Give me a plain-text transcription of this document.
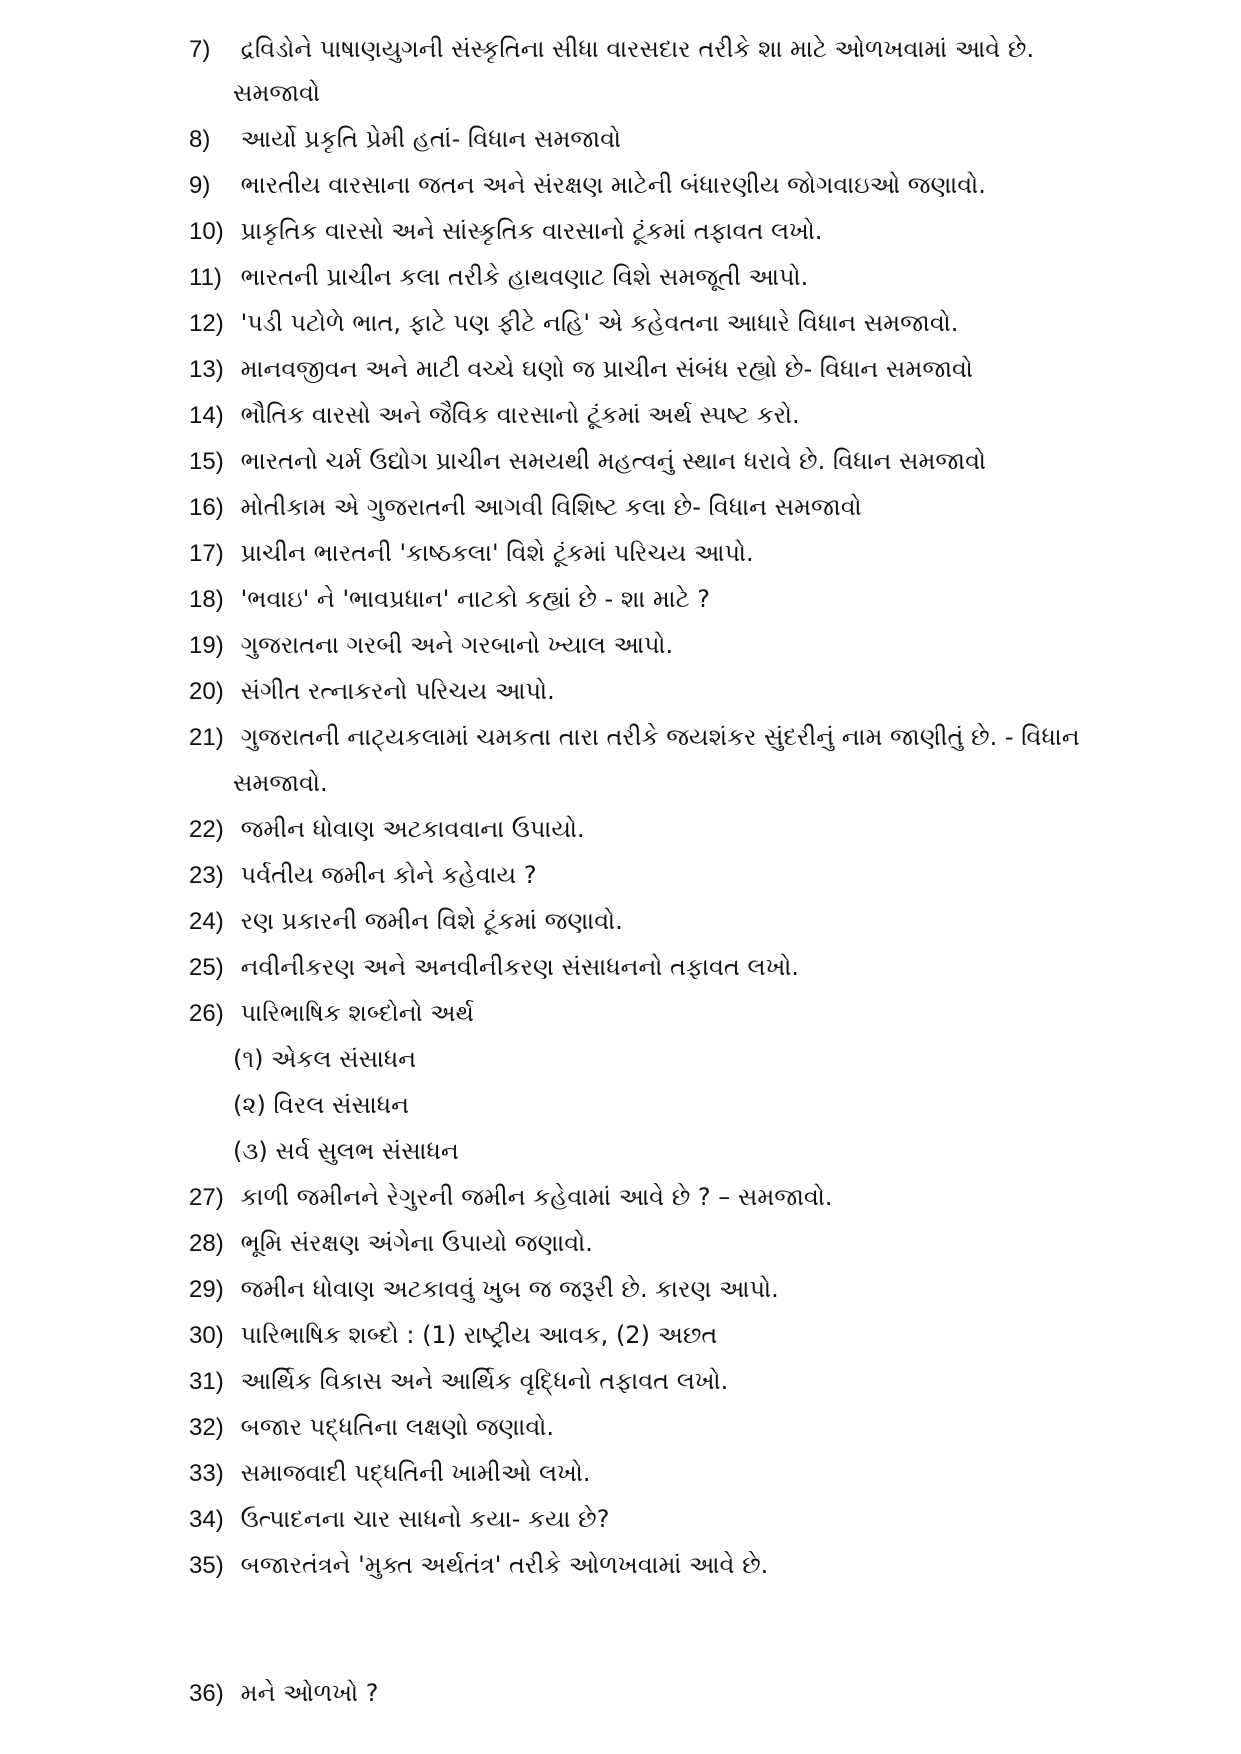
7) દ્રવિડોને પાષાણયુગની સંસ્કૃતિના સીધા વારસદાર તરીકે શા માટે ઓળખવામાં આવે છે.
સમજાવો
8) આર્યો પ્રકૃતિ પ્રેમી હતાં- વિધાન સમજાવો
9) ભારતીય વારસાના જતન અને સંરક્ષણ માટેની બંધારણીય જોગવાઇઓ જણાવો.
10) પ્રાકૃતિક વારસો અને સાંસ્કૃતિક વારસાનો ટૂંકમાં તફાવત લખો.
11) ભારતની પ્રાચીન કલા તરીકે હાથવણાટ વિશે સમજૂતી આપો.
12) 'પડી પટોળે ભાત, ફાટે પણ ફીટે નહિ' એ કહેવતના આધારે વિધાન સમજાવો.
13) માનવજીવન અને માટી વચ્ચે ઘણો જ પ્રાચીન સંબંધ રહ્યો છે- વિધાન સમજાવો
14) ભૌતિક વારસો અને જૈવિક વારસાનો ટૂંકમાં અર્થ સ્પષ્ટ કરો.
15) ભારતનો ચર્મ ઉદ્યોગ પ્રાચીન સમયથી મહત્વનું સ્થાન ધરાવે છે. વિધાન સમજાવો
16) મોતીકામ એ ગુજરાતની આગવી વિશિષ્ટ કલા છે- વિધાન સમજાવો
17) પ્રાચીન ભારતની 'કાષ્ઠકલા' વિશે ટૂંકમાં પરિચય આપો.
18) 'ભવાઇ' ને 'ભાવપ્રધાન' નાટકો કહ્યાં છે - શા માટે ?
19) ગુજરાતના ગરબી અને ગરબાનો ખ્યાલ આપો.
20) સંગીત રત્નાકરનો પરિચય આપો.
21) ગુજરાતની નાટ્યકલામાં ચમકતા તારા તરીકે જયશંકર સુંદરીનું નામ જાણીતું છે. - વિધાન
સમજાવો.
22) જમીન ધોવાણ અટકાવવાના ઉપાયો.
23) પર્વતીય જમીન કોને કહેવાય ?
24) રણ પ્રકારની જમીન વિશે ટૂંકમાં જણાવો.
25) નવીનીકરણ અને અનવીનીકરણ સંસાધનનો તફાવત લખો.
26) પારિભાષિક શબ્દોનો અર્થ
(૧) એકલ સંસાધન
(૨) વિરલ સંસાધન
(૩) સર્વ સુલભ સંસાધન
27) કાળી જમીનને રેગુરની જમીન કહેવામાં આવે છે ? – સમજાવો.
28) ભૂમિ સંરક્ષણ અંગેના ઉપાયો જણાવો.
29) જમીન ધોવાણ અટકાવવું ખુબ જ જરૂરી છે. કારણ આપો.
30) પારિભાષિક શબ્દો : (1) રાષ્ટ્રીય આવક, (2) અછત
31) આર્થિક વિકાસ અને આર્થિક વૃદ્ધિનો તફાવત લખો.
32) બજાર પદ્ધતિના લક્ષણો જણાવો.
33) સમાજવાદી પદ્ધતિની ખામીઓ લખો.
34) ઉત્પાદનના ચાર સાધનો કયા- કયા છે?
35) બજારતંત્રને 'મુક્ત અર્થતંત્ર' તરીકે ઓળખવામાં આવે છે.
36) મને ઓળખો ?
